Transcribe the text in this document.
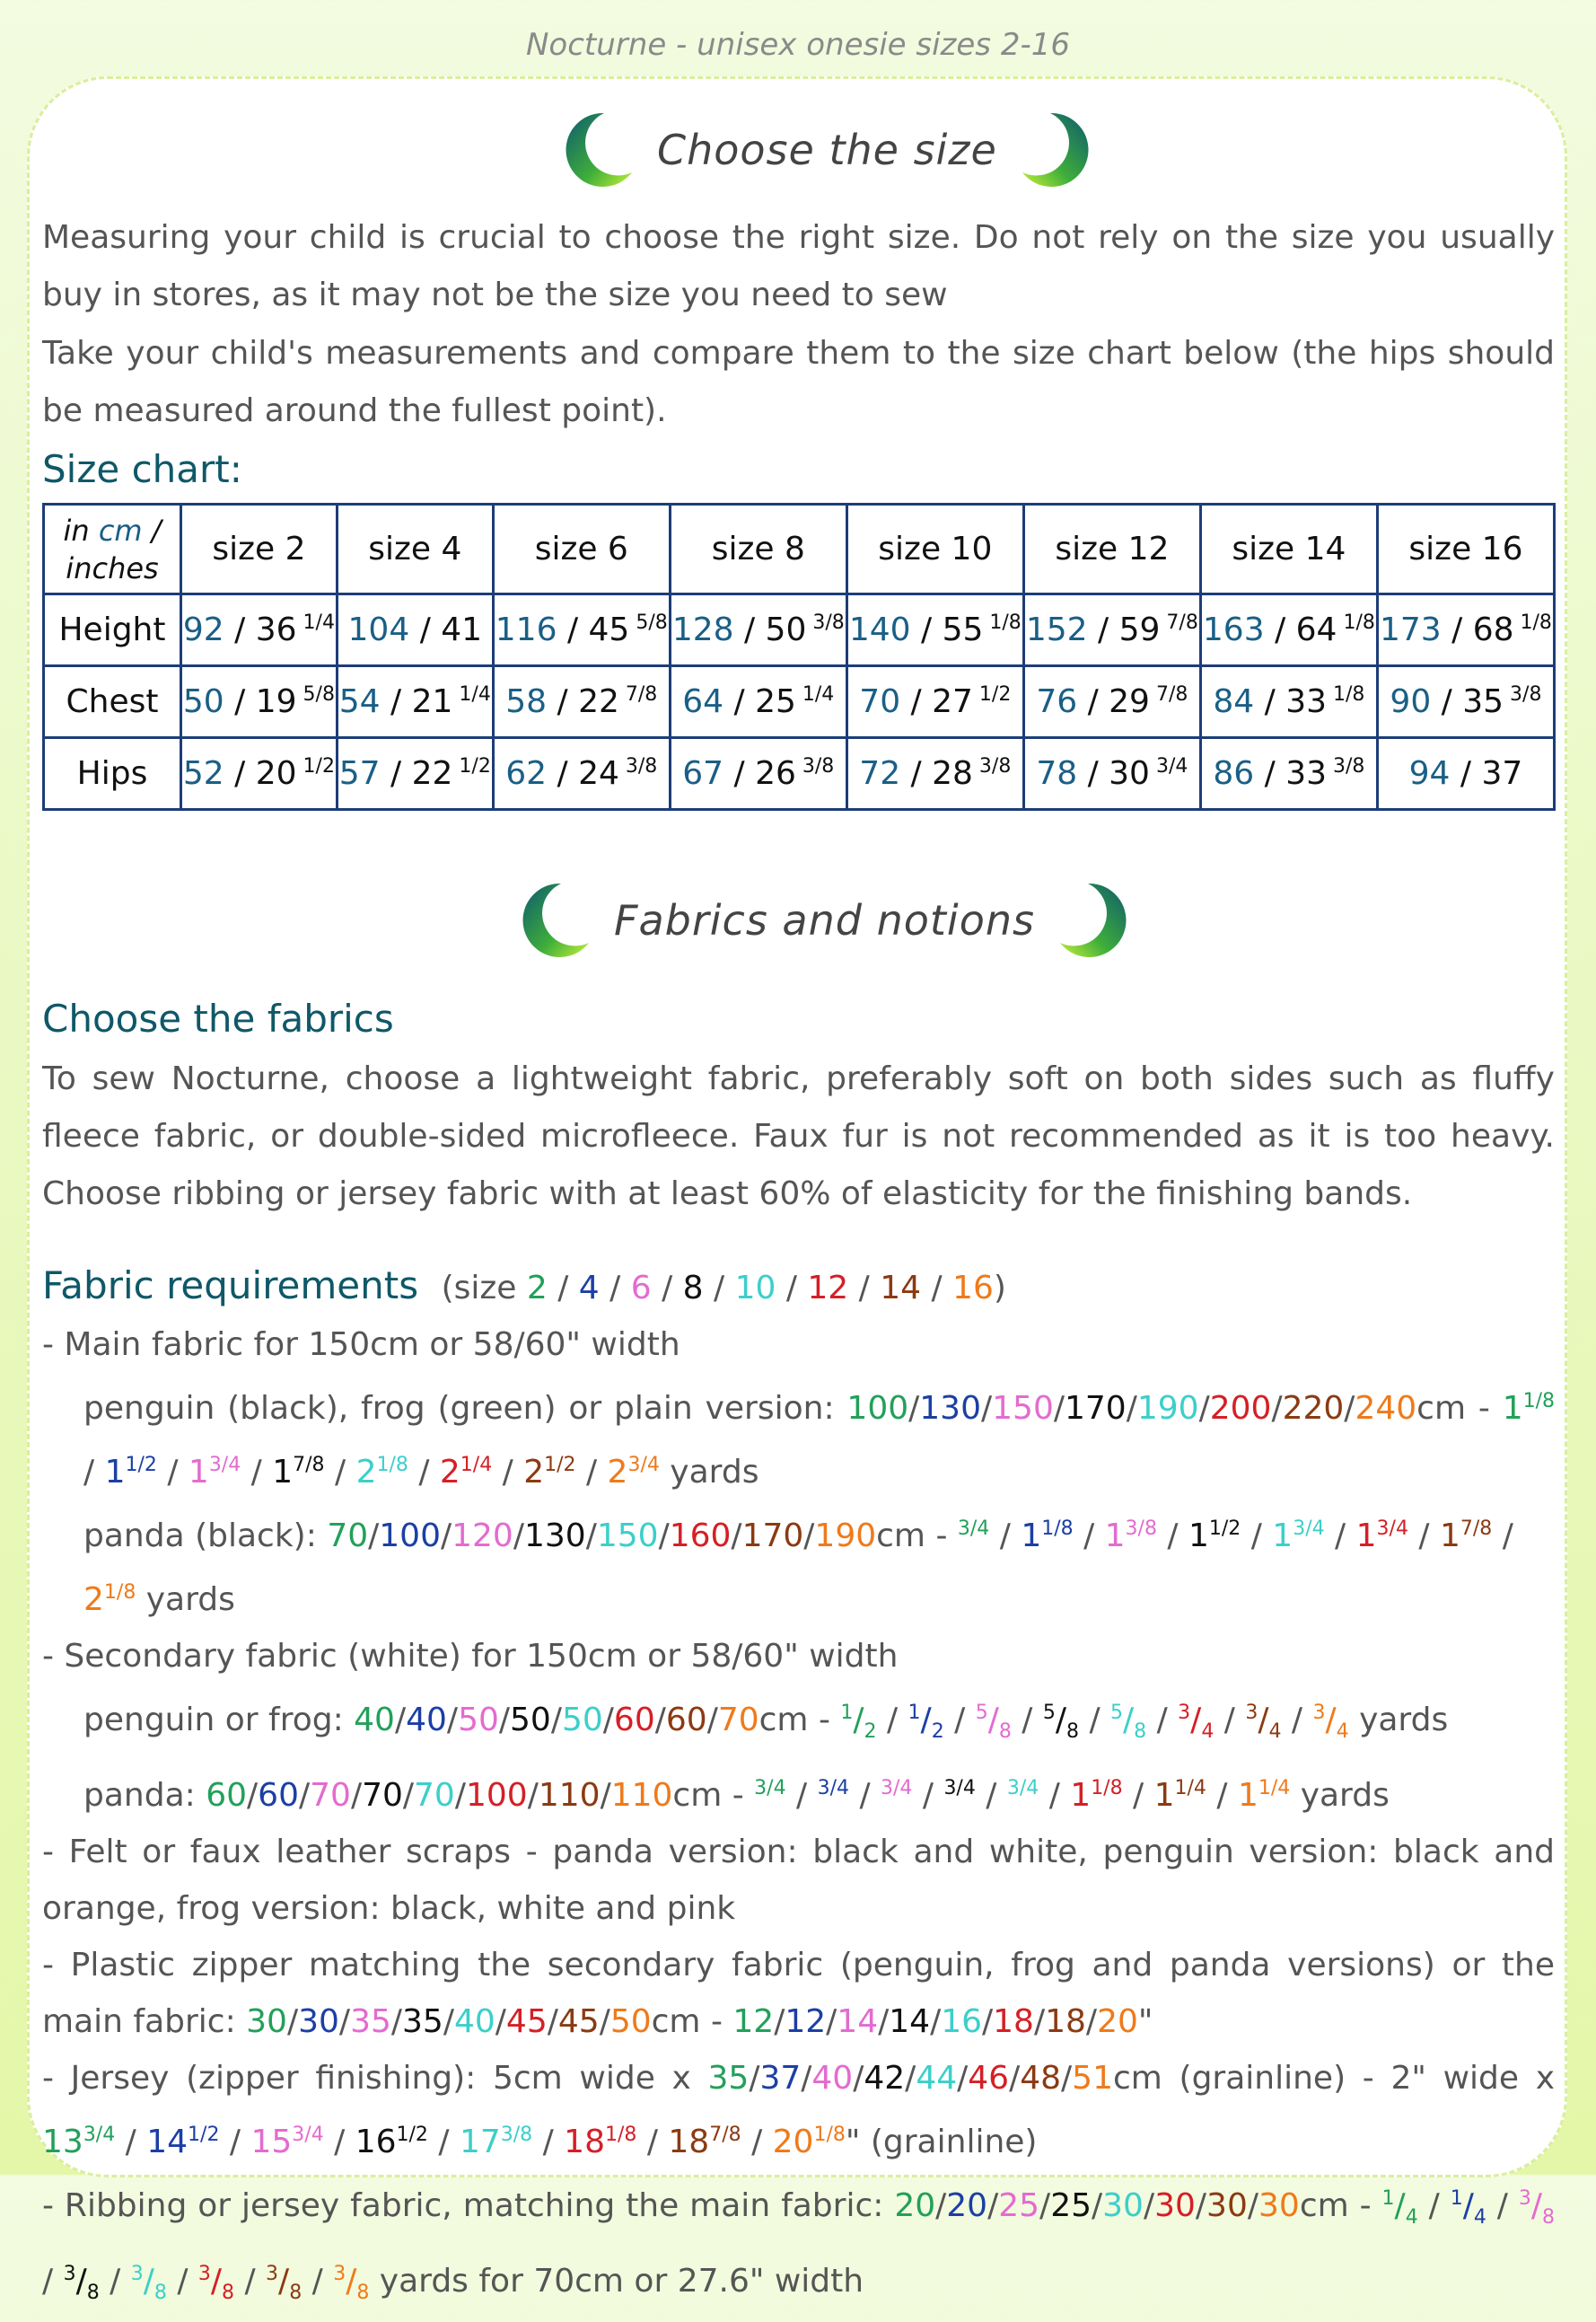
Nocturne - unisex onesie sizes 2-16
Choose the size
Measuring your child is crucial to choose the right size. Do not rely on the size you usually buy in stores, as it may not be the size you need to sew
Take your child's measurements and compare them to the size chart below (the hips should be measured around the fullest point).
Size chart:
in cm /
inches	size 2	size 4	size 6	size 8	size 10	size 12	size 14	size 16
Height	92 / 36 $^{1/4}$	104 / 41	116 / 45 $^{5/8}$	128 / 50 $^{3/8}$	140 / 55 $^{1/8}$	152 / 59 $^{7/8}$	163 / 64 $^{1/8}$	173 / 68 $^{1/8}$
Chest	50 / 19 $^{5/8}$	54 / 21 $^{1/4}$	58 / 22 $^{7/8}$	64 / 25 $^{1/4}$	70 / 27 $^{1/2}$	76 / 29 $^{7/8}$	84 / 33 $^{1/8}$	90 / 35 $^{3/8}$
Hips	52 / 20 $^{1/2}$	57 / 22 $^{1/2}$	62 / 24 $^{3/8}$	67 / 26 $^{3/8}$	72 / 28 $^{3/8}$	78 / 30 $^{3/4}$	86 / 33 $^{3/8}$	94 / 37
Fabrics and notions
Choose the fabrics
To sew Nocturne, choose a lightweight fabric, preferably soft on both sides such as fluffy fleece fabric, or double-sided microfleece. Faux fur is not recommended as it is too heavy. Choose ribbing or jersey fabric with at least 60% of elasticity for the finishing bands.
Fabric requirements (size 2 / 4 / 6 / 8 / 10 / 12 / 14 / 16)
- Main fabric for 150cm or 58/60" width
penguin (black), frog (green) or plain version: $100/130/150/170/190/200/220/240cm - 1^{1/8} / 1^{1/2} / 1^{3/4} / 1^{7/8} / 2^{1/8} / 2^{1/4} / 2^{1/2} / 2^{3/4}$ yards
panda (black): $70/100/120/130/150/160/170/190cm - ^{3/4} / 1^{1/8} / 1^{3/8} / 1^{1/2} / 1^{3/4} / 1^{3/4} / 1^{7/8} / 2^{1/8}$ yards
- Secondary fabric (white) for 150cm or 58/60" width
penguin or frog: $40/40/50/50/50/60/60/70cm - ^1/_2 / ^1/_2 / ^5/_8 / ^5/_8 / ^5/_8 / ^3/_4 / ^3/_4 / ^3/_4$ yards
panda: $60/60/70/70/70/100/110/110cm - ^{3/4} / ^{3/4} / ^{3/4} / ^{3/4} / ^{3/4} / 1^{1/8} / 1^{1/4} / 1^{1/4}$ yards
- Felt or faux leather scraps - panda version: black and white, penguin version: black and orange, frog version: black, white and pink
- Plastic zipper matching the secondary fabric (penguin, frog and panda versions) or the main fabric: 30/30/35/35/40/45/45/50cm - 12/12/14/14/16/18/18/20"
- Jersey (zipper finishing): 5cm wide x 35/37/40/42/44/46/48/51cm (grainline) - 2" wide x $13^{3/4} / 14^{1/2} / 15^{3/4} / 16^{1/2} / 17^{3/8} / 18^{1/8} / 18^{7/8} / 20^{1/8}$" (grainline)
- Ribbing or jersey fabric, matching the main fabric: $20/20/25/25/30/30/30/30cm - ^1/_4 / ^1/_4 / ^3/_8 / ^3/_8 / ^3/_8 / ^3/_8 / ^3/_8 / ^3/_8$ yards for 70cm or 27.6" width
